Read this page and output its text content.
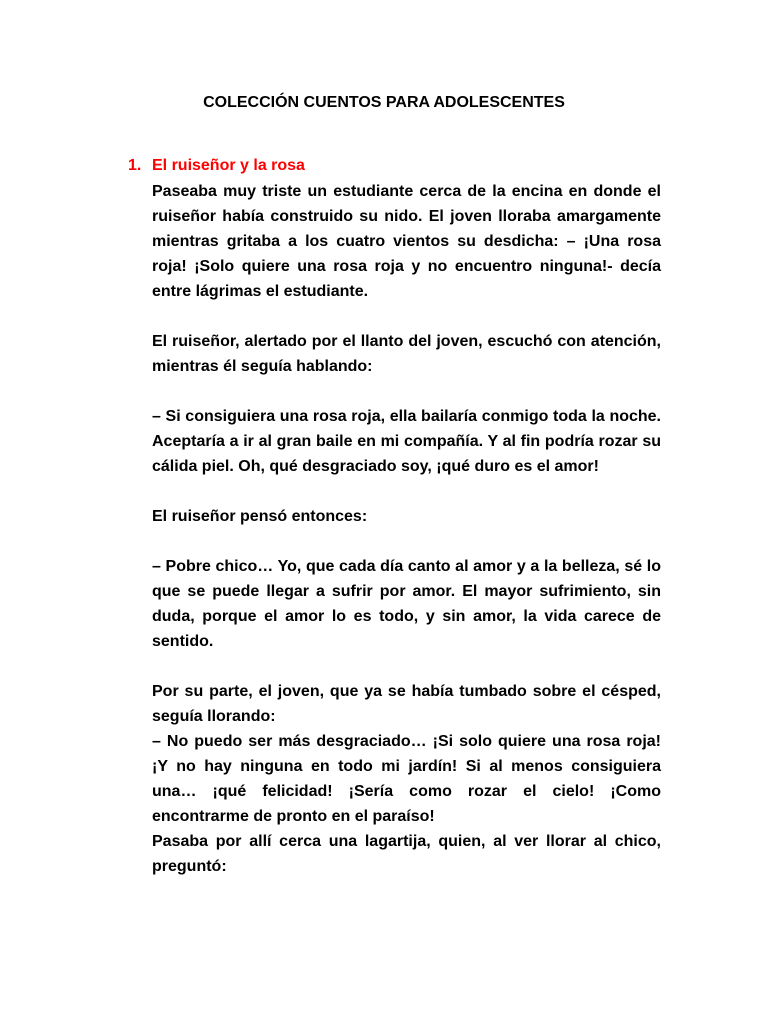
COLECCIÓN CUENTOS PARA ADOLESCENTES
1. El ruiseñor y la rosa

Paseaba muy triste un estudiante cerca de la encina en donde el ruiseñor había construido su nido. El joven lloraba amargamente mientras gritaba a los cuatro vientos su desdicha: – ¡Una rosa roja! ¡Solo quiere una rosa roja y no encuentro ninguna!- decía entre lágrimas el estudiante.

El ruiseñor, alertado por el llanto del joven, escuchó con atención, mientras él seguía hablando:

– Si consiguiera una rosa roja, ella bailaría conmigo toda la noche. Aceptaría a ir al gran baile en mi compañía. Y al fin podría rozar su cálida piel. Oh, qué desgraciado soy, ¡qué duro es el amor!

El ruiseñor pensó entonces:

– Pobre chico… Yo, que cada día canto al amor y a la belleza, sé lo que se puede llegar a sufrir por amor. El mayor sufrimiento, sin duda, porque el amor lo es todo, y sin amor, la vida carece de sentido.

Por su parte, el joven, que ya se había tumbado sobre el césped, seguía llorando:

– No puedo ser más desgraciado… ¡Si solo quiere una rosa roja! ¡Y no hay ninguna en todo mi jardín! Si al menos consiguiera una… ¡qué felicidad! ¡Sería como rozar el cielo! ¡Como encontrarme de pronto en el paraíso!

Pasaba por allí cerca una lagartija, quien, al ver llorar al chico, preguntó:
